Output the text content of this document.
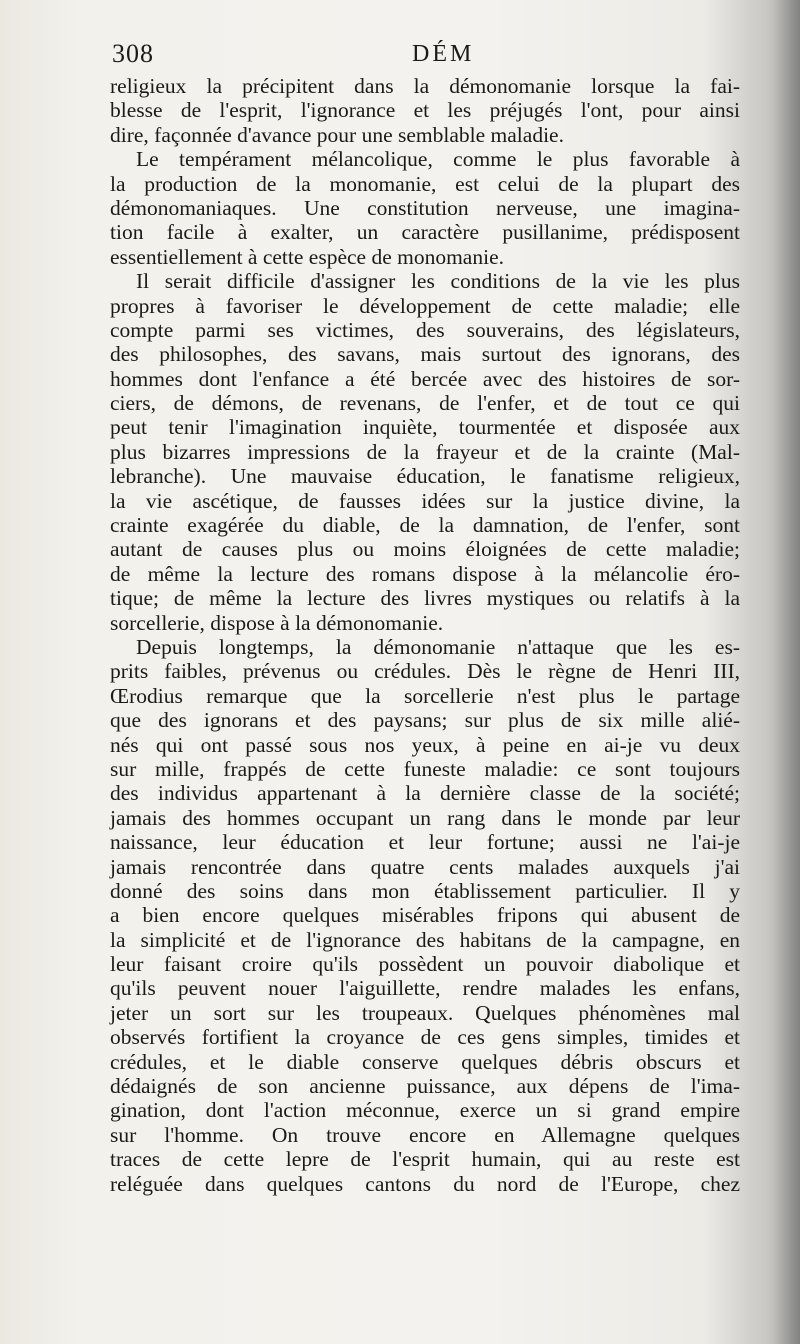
308	DÉM
religieux la précipitent dans la démonomanie lorsque la fai-
blesse de l'esprit, l'ignorance et les préjugés l'ont, pour ainsi
dire, façonnée d'avance pour une semblable maladie.
Le tempérament mélancolique, comme le plus favorable à
la production de la monomanie, est celui de la plupart des
démonomaniaques. Une constitution nerveuse, une imagina-
tion facile à exalter, un caractère pusillanime, prédisposent
essentiellement à cette espèce de monomanie.
Il serait difficile d'assigner les conditions de la vie les plus
propres à favoriser le développement de cette maladie; elle
compte parmi ses victimes, des souverains, des législateurs,
des philosophes, des savans, mais surtout des ignorans, des
hommes dont l'enfance a été bercée avec des histoires de sor-
ciers, de démons, de revenans, de l'enfer, et de tout ce qui
peut tenir l'imagination inquiète, tourmentée et disposée aux
plus bizarres impressions de la frayeur et de la crainte (Mal-
lebranche). Une mauvaise éducation, le fanatisme religieux,
la vie ascétique, de fausses idées sur la justice divine, la
crainte exagérée du diable, de la damnation, de l'enfer, sont
autant de causes plus ou moins éloignées de cette maladie;
de même la lecture des romans dispose à la mélancolie éro-
tique; de même la lecture des livres mystiques ou relatifs à la
sorcellerie, dispose à la démonomanie.
Depuis longtemps, la démonomanie n'attaque que les es-
prits faibles, prévenus ou crédules. Dès le règne de Henri III,
Œrodius remarque que la sorcellerie n'est plus le partage
que des ignorans et des paysans; sur plus de six mille alié-
nés qui ont passé sous nos yeux, à peine en ai-je vu deux
sur mille, frappés de cette funeste maladie: ce sont toujours
des individus appartenant à la dernière classe de la société;
jamais des hommes occupant un rang dans le monde par leur
naissance, leur éducation et leur fortune; aussi ne l'ai-je
jamais rencontrée dans quatre cents malades auxquels j'ai
donné des soins dans mon établissement particulier. Il y
a bien encore quelques misérables fripons qui abusent de
la simplicité et de l'ignorance des habitans de la campagne, en
leur faisant croire qu'ils possèdent un pouvoir diabolique et
qu'ils peuvent nouer l'aiguillette, rendre malades les enfans,
jeter un sort sur les troupeaux. Quelques phénomènes mal
observés fortifient la croyance de ces gens simples, timides et
crédules, et le diable conserve quelques débris obscurs et
dédaignés de son ancienne puissance, aux dépens de l'ima-
gination, dont l'action méconnue, exerce un si grand empire
sur l'homme. On trouve encore en Allemagne quelques
traces de cette lepre de l'esprit humain, qui au reste est
reléguée dans quelques cantons du nord de l'Europe, chez
